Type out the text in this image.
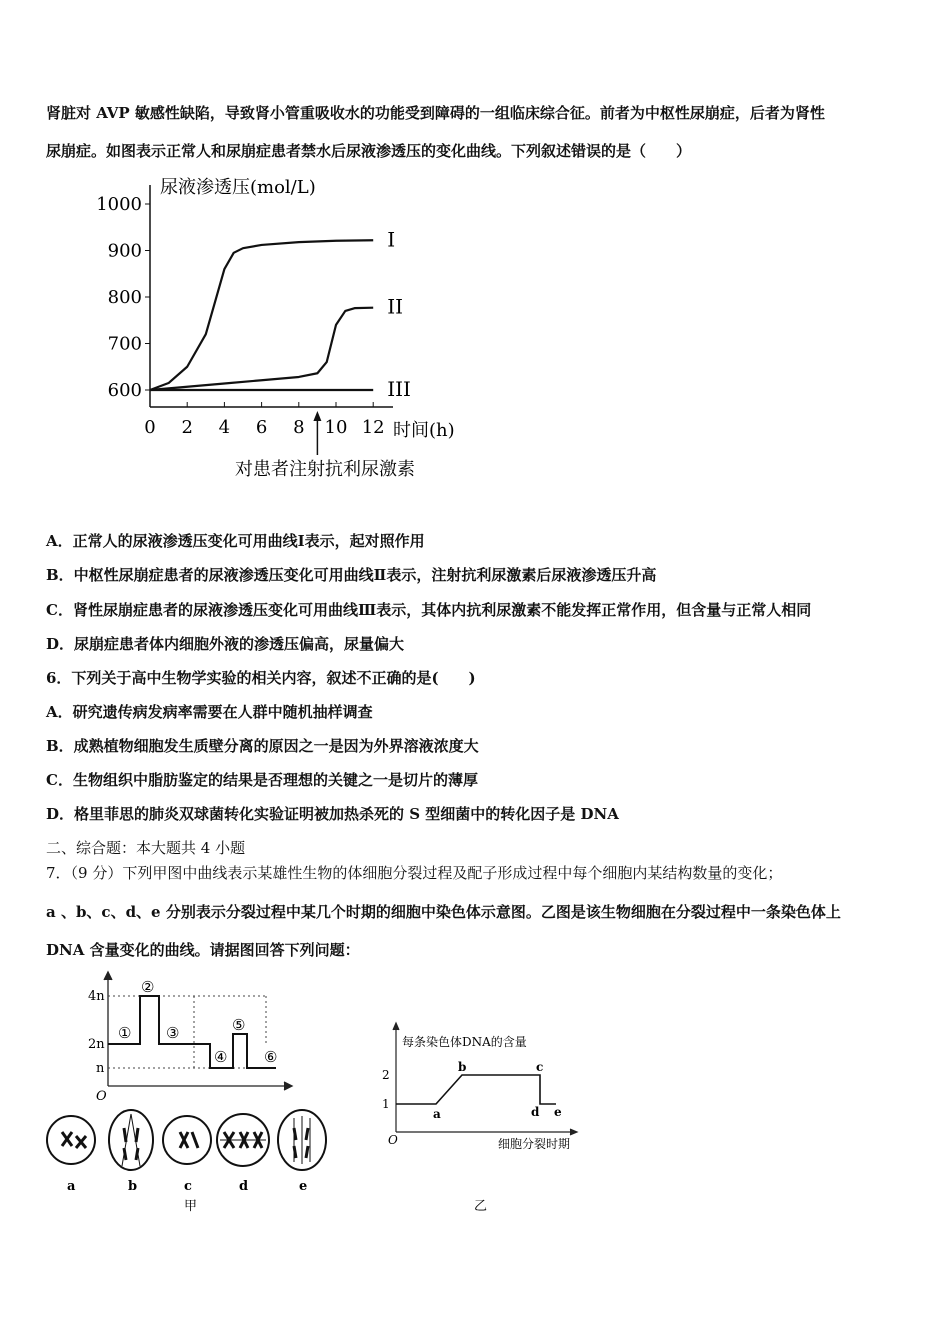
肾脏对 AVP 敏感性缺陷，导致肾小管重吸收水的功能受到障碍的一组临床综合征。前者为中枢性尿崩症，后者为肾性
尿崩症。如图表示正常人和尿崩症患者禁水后尿液渗透压的变化曲线。下列叙述错误的是（　　）
尿液渗透压(mol/L)
时间(h)
600
700
800
900
1000
0 2 4 6 8 10 12
I
II
III
对患者注射抗利尿激素
A．正常人的尿液渗透压变化可用曲线Ⅰ表示，起对照作用
B．中枢性尿崩症患者的尿液渗透压变化可用曲线Ⅱ表示，注射抗利尿激素后尿液渗透压升高
C．肾性尿崩症患者的尿液渗透压变化可用曲线Ⅲ表示，其体内抗利尿激素不能发挥正常作用，但含量与正常人相同
D．尿崩症患者体内细胞外液的渗透压偏高，尿量偏大
6．下列关于高中生物学实验的相关内容，叙述不正确的是(　　)
A．研究遗传病发病率需要在人群中随机抽样调查
B．成熟植物细胞发生质壁分离的原因之一是因为外界溶液浓度大
C．生物组织中脂肪鉴定的结果是否理想的关键之一是切片的薄厚
D．格里菲思的肺炎双球菌转化实验证明被加热杀死的 S 型细菌中的转化因子是 DNA
二、综合题：本大题共 4 小题
7．（9 分）下列甲图中曲线表示某雄性生物的体细胞分裂过程及配子形成过程中每个细胞内某结构数量的变化；
a 、b、c、d、e 分别表示分裂过程中某几个时期的细胞中染色体示意图。乙图是该生物细胞在分裂过程中一条染色体上
DNA 含量变化的曲线。请据图回答下列问题：
4n
2n
n
O
①
②
③
④
⑤
⑥
a	b	c	d	e
甲
每条染色体DNA的含量
2
1
O
a
b	c
d e
细胞分裂时期
乙
